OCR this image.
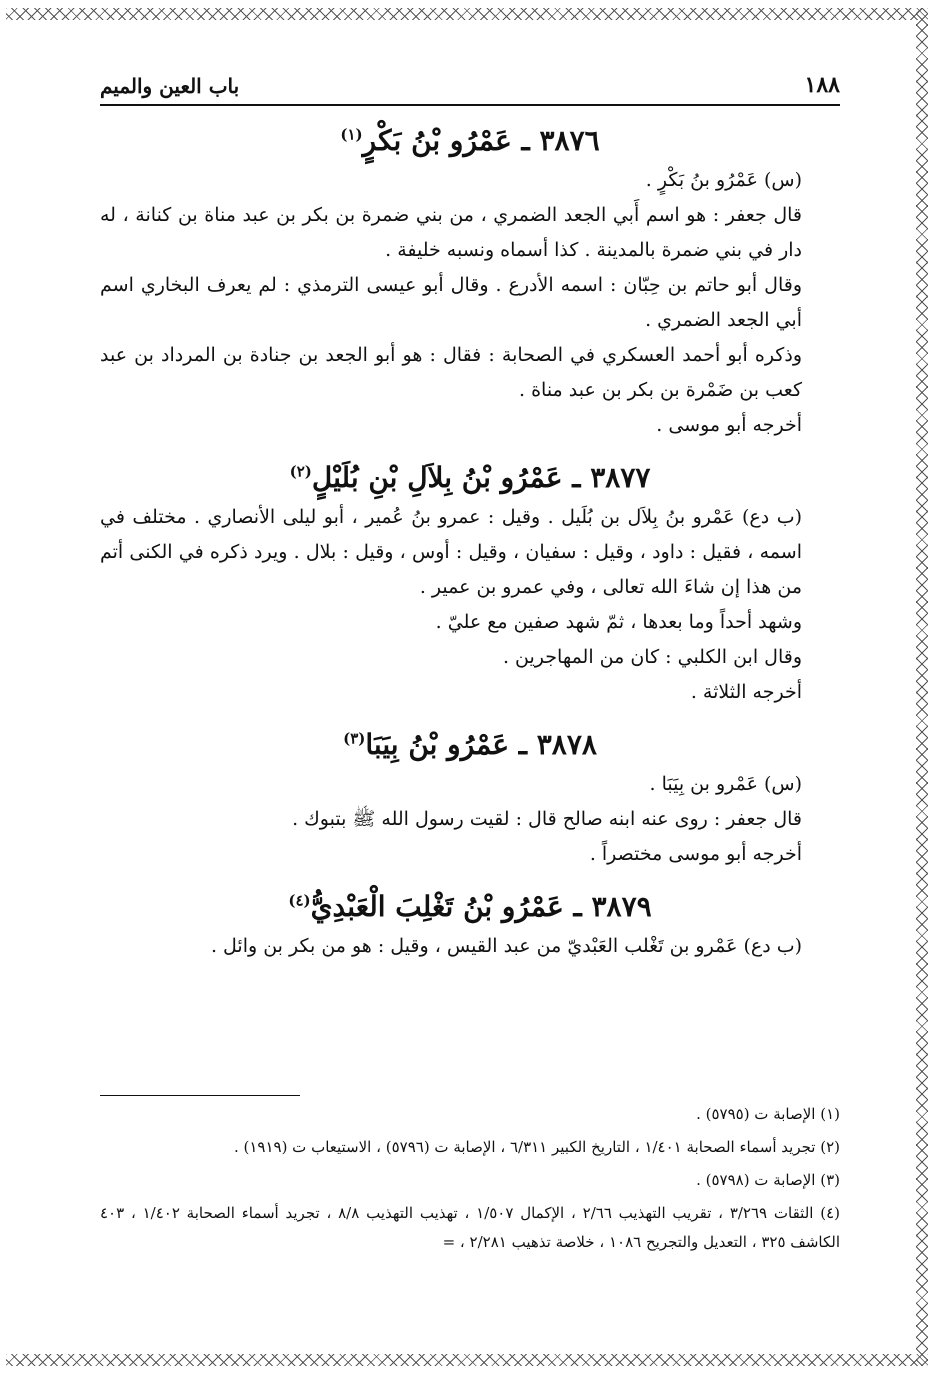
١٨٨
باب العين والميم
٣٨٧٦ ـ عَمْرُو بْنُ بَكْرٍ$^{(١)}$

(س) عَمْرُو بنُ بَكْرٍ .

قال جعفر : هو اسم أَبي الجعد الضمري ، من بني ضمرة بن بكر بن عبد مناة بن كنانة ، له دار في بني ضمرة بالمدينة . كذا أسماه ونسبه خليفة .

وقال أبو حاتم بن حِبّان : اسمه الأدرع . وقال أبو عيسى الترمذي : لم يعرف البخاري اسم أبي الجعد الضمري .

وذكره أبو أحمد العسكري في الصحابة : فقال : هو أبو الجعد بن جنادة بن المرداد بن عبد كعب بن ضَمْرة بن بكر بن عبد مناة .

أخرجه أبو موسى .

٣٨٧٧ ـ عَمْرُو بْنُ بِلاَلِ بْنِ بُلَيْلٍ$^{(٢)}$

(ب دع) عَمْرو بنُ بِلاَل بن بُلَيل . وقيل : عمرو بنُ عُمير ، أبو ليلى الأنصاري . مختلف في اسمه ، فقيل : داود ، وقيل : سفيان ، وقيل : أوس ، وقيل : بلال . ويرد ذكره في الكنى أتم من هذا إن شاءَ الله تعالى ، وفي عمرو بن عمير .

وشهد أحداً وما بعدها ، ثمّ شهد صفين مع عليّ .

وقال ابن الكلبي : كان من المهاجرين .

أخرجه الثلاثة .

٣٨٧٨ ـ عَمْرُو بْنُ بِيَبَا$^{(٣)}$

(س) عَمْرو بن بِيَبَا .

قال جعفر : روى عنه ابنه صالح قال : لقيت رسول الله ﷺ بتبوك .

أخرجه أبو موسى مختصراً .

٣٨٧٩ ـ عَمْرُو بْنُ تَغْلِبَ الْعَبْدِيُّ$^{(٤)}$

(ب دع) عَمْرو بن تَغْلب العَبْديّ من عبد القيس ، وقيل : هو من بكر بن وائل .

(١) الإصابة ت (٥٧٩٥) .
(٢) تجريد أسماء الصحابة ١/٤٠١ ، التاريخ الكبير ٦/٣١١ ، الإصابة ت (٥٧٩٦) ، الاستيعاب ت (١٩١٩) .
(٣) الإصابة ت (٥٧٩٨) .
(٤) الثقات ٣/٢٦٩ ، تقريب التهذيب ٢/٦٦ ، الإكمال ١/٥٠٧ ، تهذيب التهذيب ٨/٨ ، تجريد أسماء الصحابة ١/٤٠٢ ، ٤٠٣ الكاشف ٣٢٥ ، التعديل والتجريح ١٠٨٦ ، خلاصة تذهيب ٢/٢٨١ ، =
